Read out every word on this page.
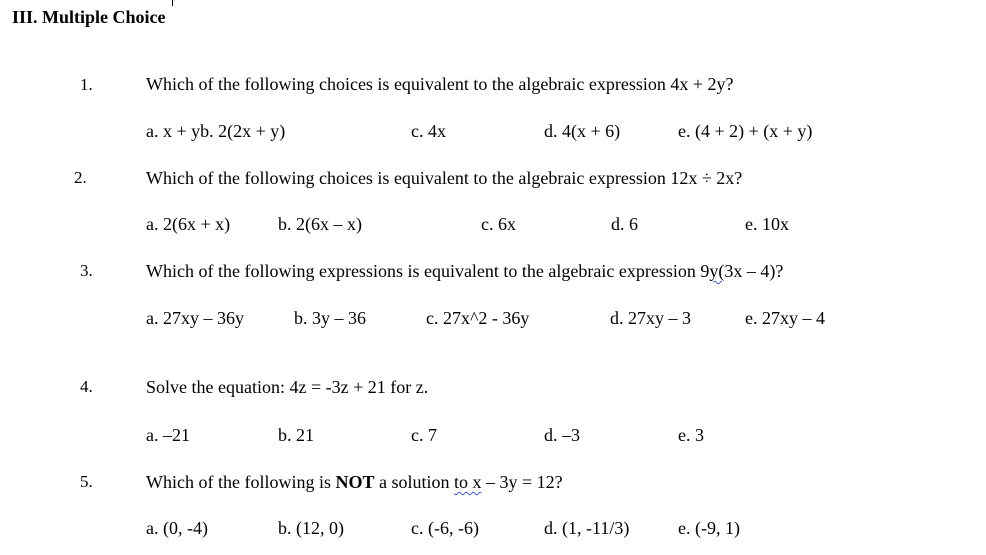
III. Multiple Choice
1.	Which of the following choices is equivalent to the algebraic expression 4x + 2y?
a. x + yb. 2(2x + y)	c. 4x	d. 4(x + 6)	e. (4 + 2) + (x + y)
2.	Which of the following choices is equivalent to the algebraic expression 12x ÷ 2x?
a. 2(6x + x)	b. 2(6x – x)	c. 6x	d. 6	e. 10x
3.	Which of the following expressions is equivalent to the algebraic expression 9y(3x – 4)?
a. 27xy – 36y	b. 3y – 36	c. 27x^2 - 36y	d. 27xy – 3	e. 27xy – 4
4.	Solve the equation: 4z = -3z + 21 for z.
a. –21	b. 21	c. 7	d. –3	e. 3
5.	Which of the following is NOT a solution to x – 3y = 12?
a. (0, -4)	b. (12, 0)	c. (-6, -6)	d. (1, -11/3)	e. (-9, 1)
